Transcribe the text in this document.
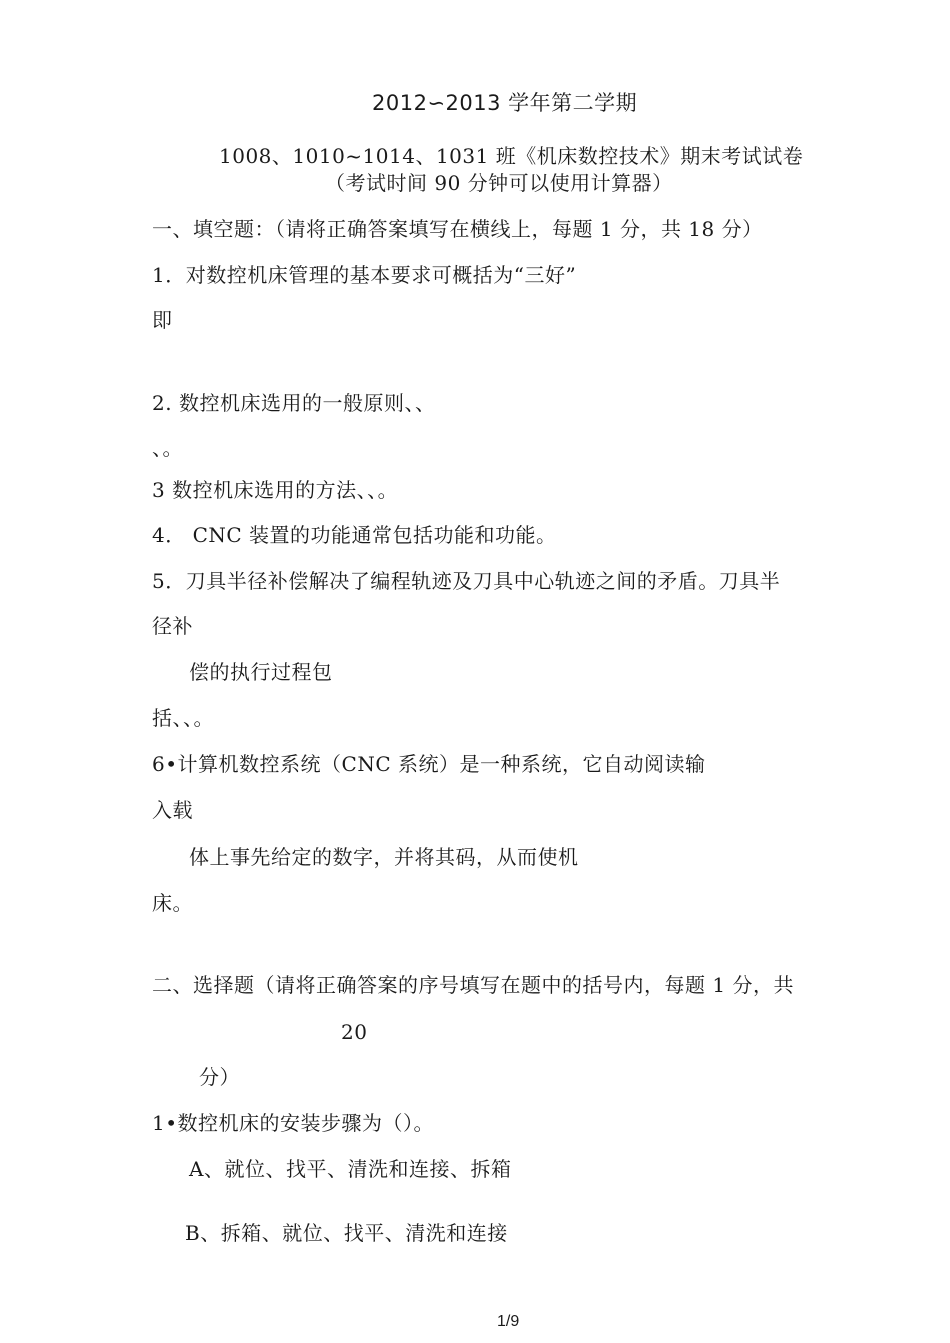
2012∽2013 学年第二学期
1008、1010~1014、1031 班《机床数控技术》期末考试试卷
（考试时间 90 分钟可以使用计算器）
一、填空题：（请将正确答案填写在横线上，每题 1 分，共 18 分）
1．对数控机床管理的基本要求可概括为“三好”
即
2. 数控机床选用的一般原则、、
、。
3 数控机床选用的方法、、。
4． CNC 装置的功能通常包括功能和功能。
5．刀具半径补偿解决了编程轨迹及刀具中心轨迹之间的矛盾。刀具半
径补
偿的执行过程包
括、、。
6•计算机数控系统（CNC 系统）是一种系统，它自动阅读输
入载
体上事先给定的数字，并将其码，从而使机
床。
二、选择题（请将正确答案的序号填写在题中的括号内，每题 1 分，共
20
分）
1•数控机床的安装步骤为（）。
A、就位、找平、清洗和连接、拆箱
B、拆箱、就位、找平、清洗和连接
1/9
